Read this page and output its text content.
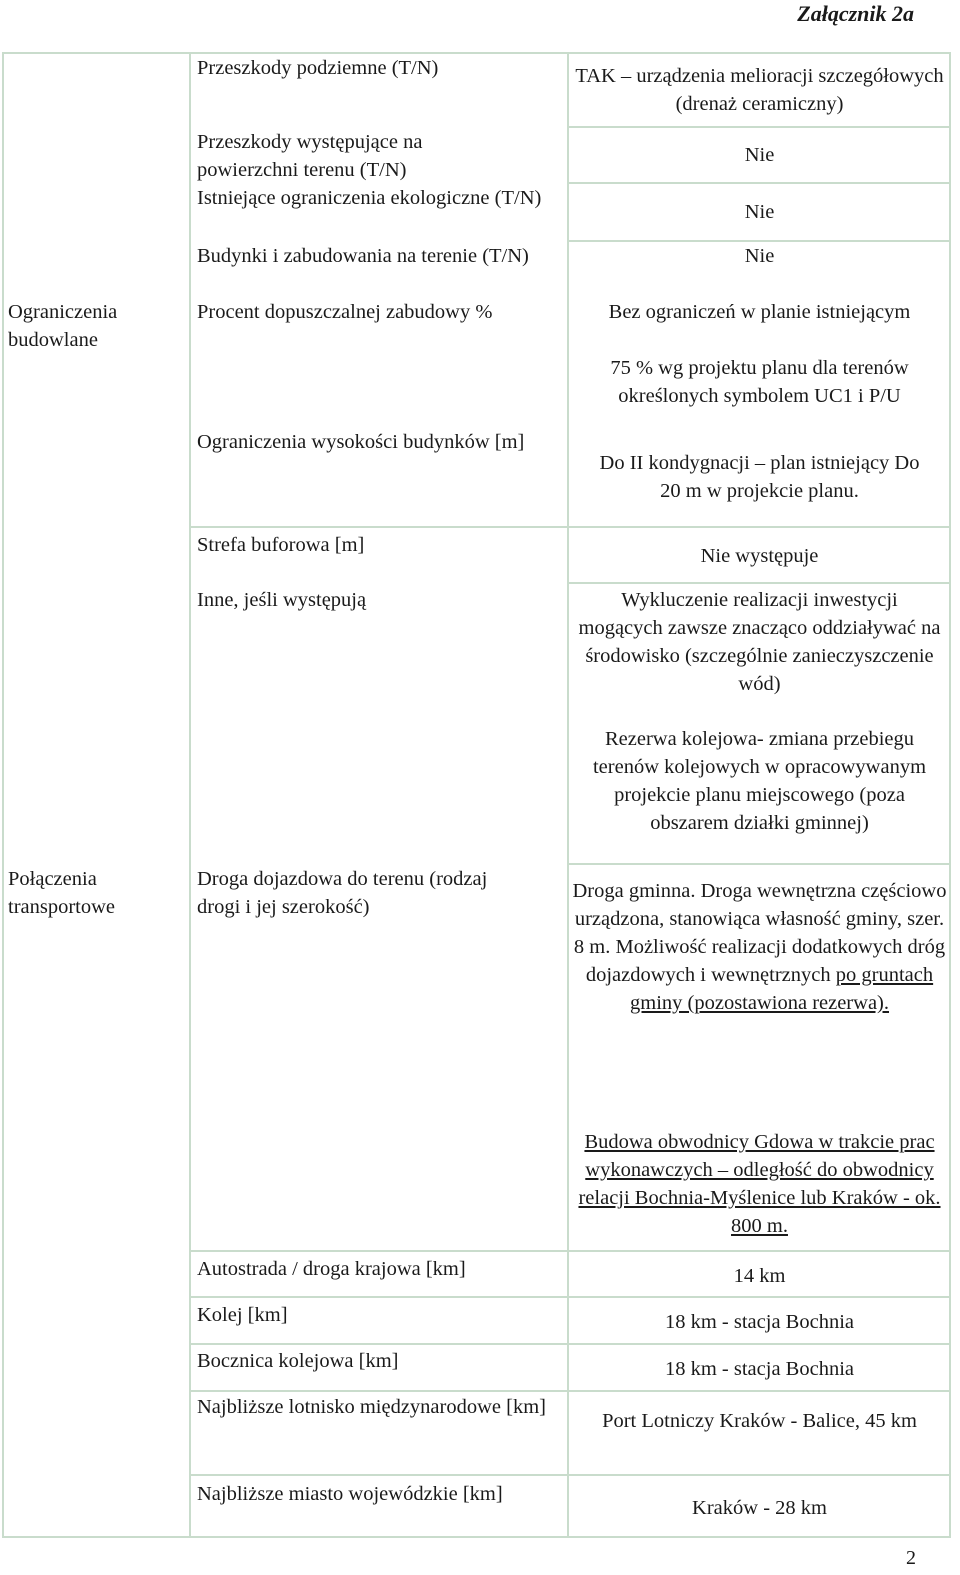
Załącznik 2a
Ograniczenia budowlane
Połączenia transportowe
Przeszkody podziemne (T/N)
Przeszkody występujące na powierzchni terenu (T/N)
Istniejące ograniczenia ekologiczne (T/N)
Budynki i zabudowania na terenie (T/N)
Procent dopuszczalnej zabudowy %
Ograniczenia wysokości budynków [m]
Strefa buforowa [m]
Inne, jeśli występują
Droga dojazdowa do terenu (rodzaj drogi i jej szerokość)
Autostrada / droga krajowa [km]
Kolej [km]
Bocznica kolejowa [km]
Najbliższe lotnisko międzynarodowe [km]
Najbliższe miasto wojewódzkie [km]
TAK – urządzenia melioracji szczegółowych (drenaż ceramiczny)
Nie
Nie
Nie
Bez ograniczeń w planie istniejącym
75 % wg projektu planu dla terenów określonych symbolem UC1 i P/U
Do II kondygnacji – plan istniejący Do 20 m w projekcie planu.
Nie występuje
Wykluczenie realizacji inwestycji mogących zawsze znacząco oddziaływać na środowisko (szczególnie zanieczyszczenie wód)
Rezerwa kolejowa- zmiana przebiegu terenów kolejowych w opracowywanym projekcie planu miejscowego (poza obszarem działki gminnej)
Droga gminna. Droga wewnętrzna częściowo urządzona, stanowiąca własność gminy, szer. 8 m. Możliwość realizacji dodatkowych dróg dojazdowych i wewnętrznych po gruntach gminy (pozostawiona rezerwa).
Budowa obwodnicy Gdowa w trakcie prac wykonawczych – odległość do obwodnicy relacji Bochnia-Myślenice lub Kraków - ok. 800 m.
14 km
18 km - stacja Bochnia
18 km - stacja Bochnia
Port Lotniczy Kraków - Balice, 45 km
Kraków - 28 km
2
